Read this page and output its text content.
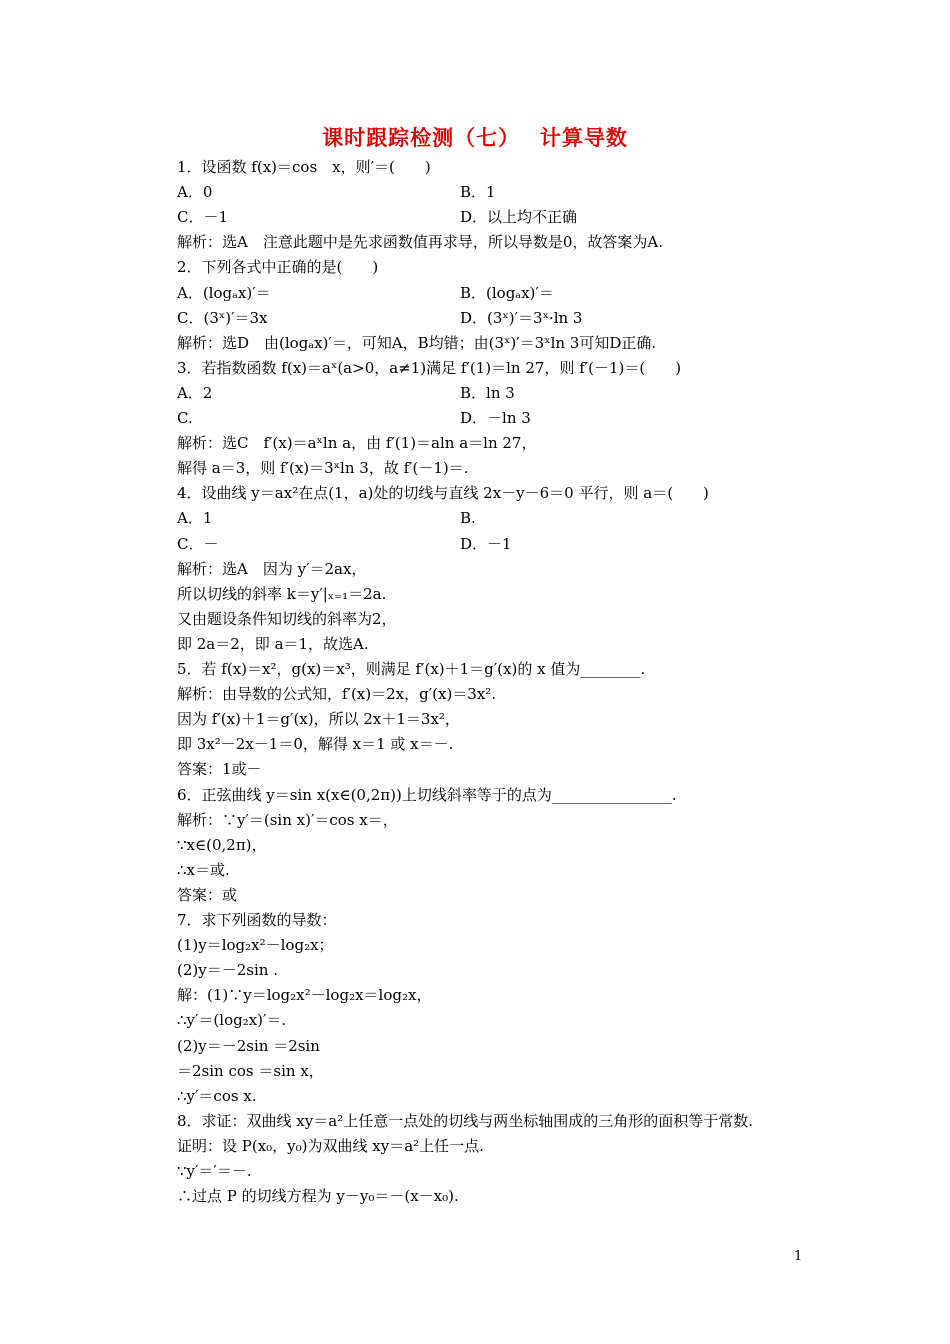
课时跟踪检测（七）　 计算导数
1．设函数 f(x)＝cos　x，则′＝(　　)
A．0	B．1
C．－1	D．以上均不正确
解析：选A　注意此题中是先求函数值再求导，所以导数是0，故答案为A.
2．下列各式中正确的是(　　)
A．(logₐx)′＝	B．(logₐx)′＝
C．(3ˣ)′＝3x	D．(3ˣ)′＝3ˣ·ln 3
解析：选D　由(logₐx)′＝，可知A，B均错；由(3ˣ)′＝3ˣln 3可知D正确.
3．若指数函数 f(x)＝aˣ(a>0，a≠1)满足 f′(1)＝ln 27，则 f′(－1)＝(　　)
A．2	B．ln 3
C.	D．－ln 3
解析：选C　f′(x)＝aˣln a，由 f′(1)＝aln a＝ln 27，
解得 a＝3，则 f′(x)＝3ˣln 3，故 f′(－1)＝.
4．设曲线 y＝ax²在点(1，a)处的切线与直线 2x－y－6＝0 平行，则 a＝(　　)
A．1	B.
C．－	D．－1
解析：选A　因为 y′＝2ax，
所以切线的斜率 k＝y′|ₓ₌₁＝2a.
又由题设条件知切线的斜率为2，
即 2a＝2，即 a＝1，故选A.
5．若 f(x)＝x²，g(x)＝x³，则满足 f′(x)＋1＝g′(x)的 x 值为________.
解析：由导数的公式知，f′(x)＝2x，g′(x)＝3x².
因为 f′(x)＋1＝g′(x)，所以 2x＋1＝3x²，
即 3x²－2x－1＝0，解得 x＝1 或 x＝－.
答案：1或－
6．正弦曲线 y＝sin x(x∈(0,2π))上切线斜率等于的点为________________.
解析：∵y′＝(sin x)′＝cos x＝，
∵x∈(0,2π)，
∴x＝或.
答案：或
7．求下列函数的导数：
(1)y＝log₂x²－log₂x；
(2)y＝－2sin .
解：(1)∵y＝log₂x²－log₂x＝log₂x，
∴y′＝(log₂x)′＝.
(2)y＝－2sin ＝2sin
＝2sin cos ＝sin x，
∴y′＝cos x.
8．求证：双曲线 xy＝a²上任意一点处的切线与两坐标轴围成的三角形的面积等于常数.
证明：设 P(x₀，y₀)为双曲线 xy＝a²上任一点.
∵y′＝′＝－.
∴过点 P 的切线方程为 y－y₀＝－(x－x₀).
1
